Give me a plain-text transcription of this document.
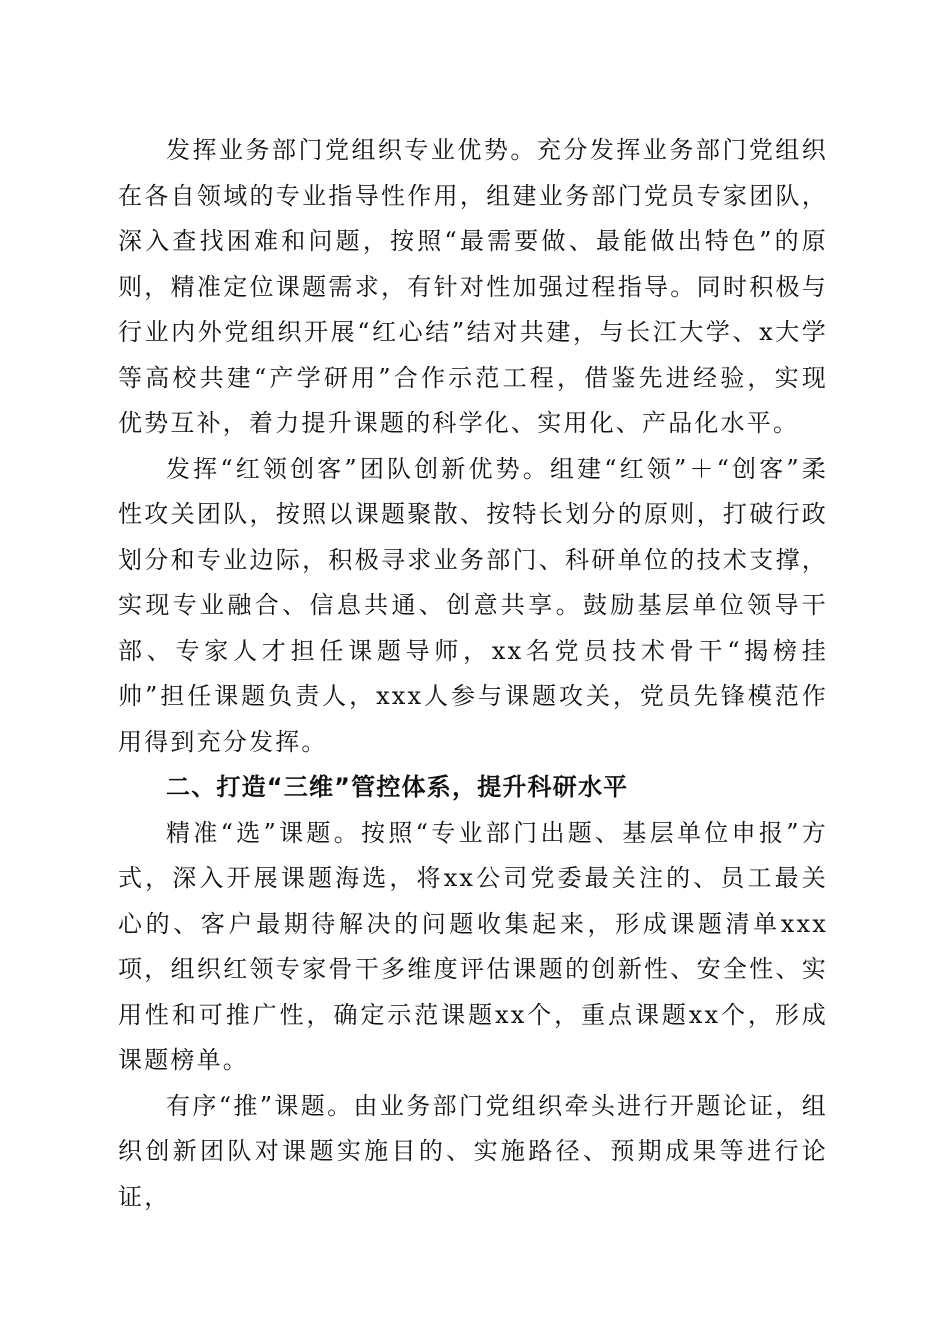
发挥业务部门党组织专业优势。充分发挥业务部门党组织在各自领域的专业指导性作用，组建业务部门党员专家团队，深入查找困难和问题，按照“最需要做、最能做出特色”的原则，精准定位课题需求，有针对性加强过程指导。同时积极与行业内外党组织开展“红心结”结对共建，与长江大学、x大学等高校共建“产学研用”合作示范工程，借鉴先进经验，实现优势互补，着力提升课题的科学化、实用化、产品化水平。

发挥“红领创客”团队创新优势。组建“红领”＋“创客”柔性攻关团队，按照以课题聚散、按特长划分的原则，打破行政划分和专业边际，积极寻求业务部门、科研单位的技术支撑，实现专业融合、信息共通、创意共享。鼓励基层单位领导干部、专家人才担任课题导师，xx名党员技术骨干“揭榜挂帅”担任课题负责人，xxx人参与课题攻关，党员先锋模范作用得到充分发挥。

二、打造“三维”管控体系，提升科研水平

精准“选”课题。按照“专业部门出题、基层单位申报”方式，深入开展课题海选，将xx公司党委最关注的、员工最关心的、客户最期待解决的问题收集起来，形成课题清单xxx项，组织红领专家骨干多维度评估课题的创新性、安全性、实用性和可推广性，确定示范课题xx个，重点课题xx个，形成课题榜单。

有序“推”课题。由业务部门党组织牵头进行开题论证，组织创新团队对课题实施目的、实施路径、预期成果等进行论证，
